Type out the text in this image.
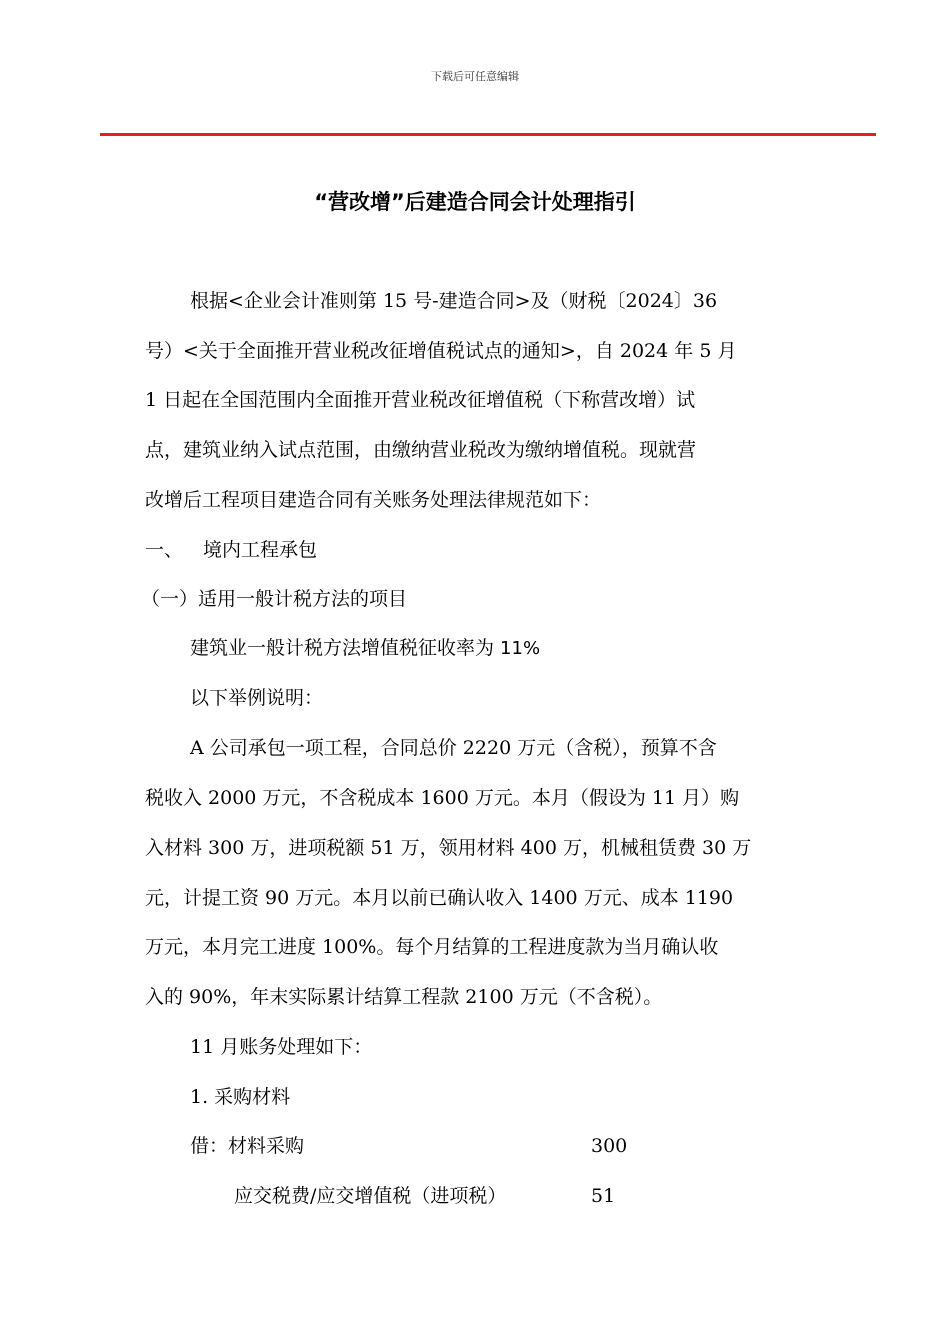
下载后可任意编辑
“营改增”后建造合同会计处理指引
根据<企业会计准则第 15 号-建造合同>及（财税〔2024〕36
号）<关于全面推开营业税改征增值税试点的通知>，自 2024 年 5 月
1 日起在全国范围内全面推开营业税改征增值税（下称营改增）试
点，建筑业纳入试点范围，由缴纳营业税改为缴纳增值税。现就营
改增后工程项目建造合同有关账务处理法律规范如下：
一、 境内工程承包
（一）适用一般计税方法的项目
建筑业一般计税方法增值税征收率为 11%
以下举例说明：
A 公司承包一项工程，合同总价 2220 万元（含税），预算不含
税收入 2000 万元，不含税成本 1600 万元。本月（假设为 11 月）购
入材料 300 万，进项税额 51 万，领用材料 400 万，机械租赁费 30 万
元，计提工资 90 万元。本月以前已确认收入 1400 万元、成本 1190
万元，本月完工进度 100%。每个月结算的工程进度款为当月确认收
入的 90%，年末实际累计结算工程款 2100 万元（不含税）。
11 月账务处理如下：
1. 采购材料
借：材料采购	300
应交税费/应交增值税（进项税）	51
